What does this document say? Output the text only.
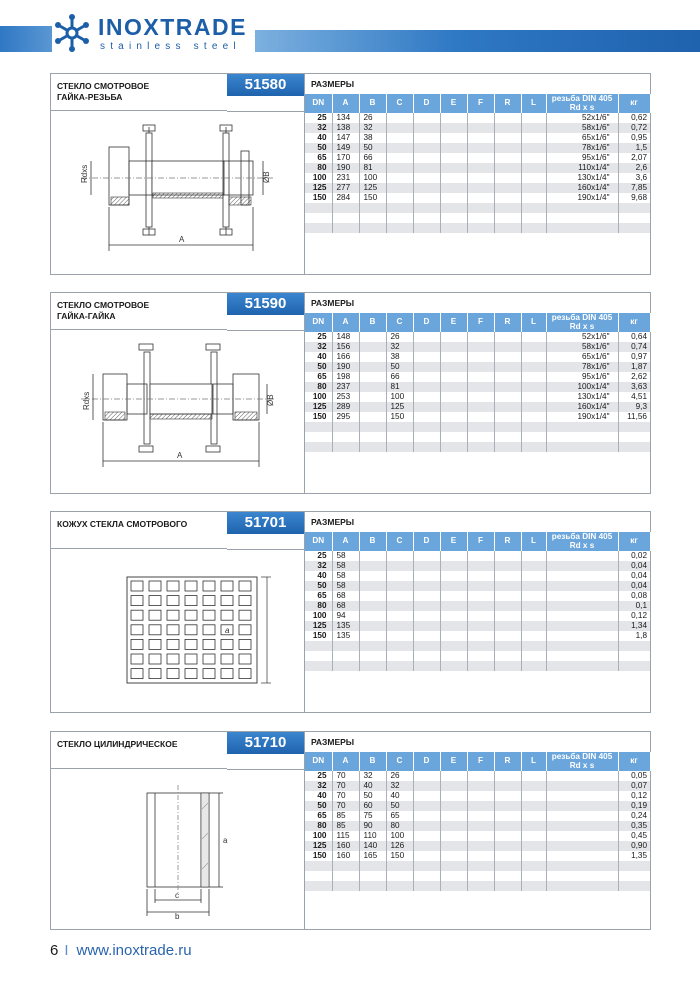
INOXTRADE
stainless steel
СТЕКЛО СМОТРОВОЕ
ГАЙКА-РЕЗЬБА
51580
Rdxs	ØB
A
РАЗМЕРЫ
DN	A	B	C	D	E	F	R	L	резьба DIN 405
Rd x s	кг
25	134	26							52x1/6"	0,62
32	138	32							58x1/6"	0,72
40	147	38							65x1/6"	0,95
50	149	50							78x1/6"	1,5
65	170	66							95x1/6"	2,07
80	190	81							110x1/4"	2,6
100	231	100							130x1/4"	3,6
125	277	125							160x1/4"	7,85
150	284	150							190x1/4"	9,68

СТЕКЛО СМОТРОВОЕ
ГАЙКА-ГАЙКА
51590
Rdxs	ØB
A
РАЗМЕРЫ
DN	A	B	C	D	E	F	R	L	резьба DIN 405
Rd x s	кг
25	148		26						52x1/6"	0,64
32	156		32						58x1/6"	0,74
40	166		38						65x1/6"	0,97
50	190		50						78x1/6"	1,87
65	198		66						95x1/6"	2,62
80	237		81						100x1/4"	3,63
100	253		100						130x1/4"	4,51
125	289		125						160x1/4"	9,3
150	295		150						190x1/4"	11,56

КОЖУХ СТЕКЛА СМОТРОВОГО	51701
a
РАЗМЕРЫ
DN	A	B	C	D	E	F	R	L	резьба DIN 405
Rd x s	кг
25	58									0,02
32	58									0,04
40	58									0,04
50	58									0,04
65	68									0,08
80	68									0,1
100	94									0,12
125	135									1,34
150	135									1,8

СТЕКЛО ЦИЛИНДРИЧЕСКОЕ	51710
a
c
b
РАЗМЕРЫ
DN	A	B	C	D	E	F	R	L	резьба DIN 405
Rd x s	кг
25	70	32	26							0,05
32	70	40	32							0,07
40	70	50	40							0,12
50	70	60	50							0,19
65	85	75	65							0,24
80	85	90	80							0,35
100	115	110	100							0,45
125	160	140	126							0,90
150	160	165	150							1,35

6 I www.inoxtrade.ru
